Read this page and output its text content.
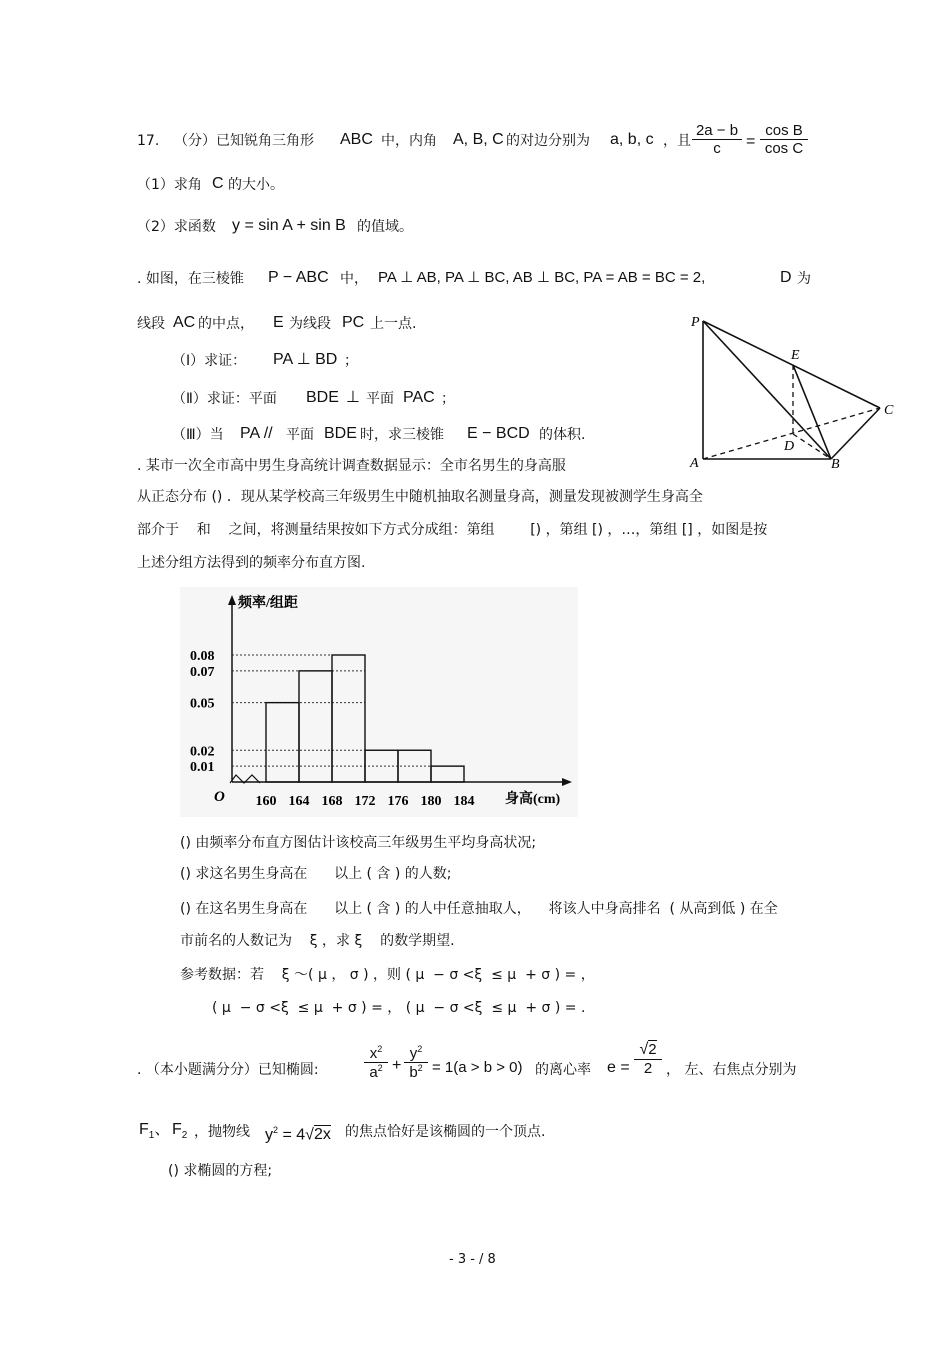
17. （分）已知锐角三角形 ABC 中，内角 A, B, C 的对边分别为 a, b, c ，且 $\frac{2a - b}{c} = \frac{\text{cos B}}{\text{cos C}}$
（1）求角 C 的大小。
（2）求函数 y = sin A + sin B 的值域。
. 如图，在三棱锥 P − ABC 中， PA ⊥ AB, PA ⊥ BC, AB ⊥ BC, PA = AB = BC = 2,	D 为
线段 AC 的中点， E 为线段 PC 上一点.
（Ⅰ）求证： PA ⊥ BD ；
（Ⅱ）求证：平面 BDE ⊥ 平面 PAC ；
（Ⅲ）当 PA // 平面 BDE 时，求三棱锥 E − BCD 的体积.
P
E
C
D
A	B
. 某市一次全市高中男生身高统计调查数据显示：全市名男生的身高服
从正态分布 () ．现从某学校高三年级男生中随机抽取名测量身高，测量发现被测学生身高全
部介于    和    之间，将测量结果按如下方式分成组：第组        [) ，第组 [) ，…，第组 [] ，如图是按
上述分组方法得到的频率分布直方图.
频率/组距
身高(cm)
O
0.08
0.07
0.05
0.02
0.01
160 164 168 172 176 180 184
() 由频率分布直方图估计该校高三年级男生平均身高状况;
() 求这名男生身高在      以上 ( 含 ) 的人数;
() 在这名男生身高在      以上 ( 含 ) 的人中任意抽取人，    将该人中身高排名  ( 从高到低 ) 在全
市前名的人数记为    ξ ，求 ξ    的数学期望.
参考数据：若    ξ ～( μ ， σ ) ，则 ( μ  − σ <ξ  ≤ μ  + σ ) = ，
( μ  − σ <ξ  ≤ μ  + σ ) = ， ( μ  − σ <ξ  ≤ μ  + σ ) = .
. （本小题满分分）已知椭圆:	$\frac{x^2}{a^2} + \frac{y^2}{b^2} = 1(a > b > 0)$ 的离心率 $e = \frac{√2}{2}$ ， 左、右焦点分别为
$F_1$、 $F_2$ ，抛物线 $y^2 = 4√2x$ 的焦点恰好是该椭圆的一个顶点.
() 求椭圆的方程;
- 3 - / 8
